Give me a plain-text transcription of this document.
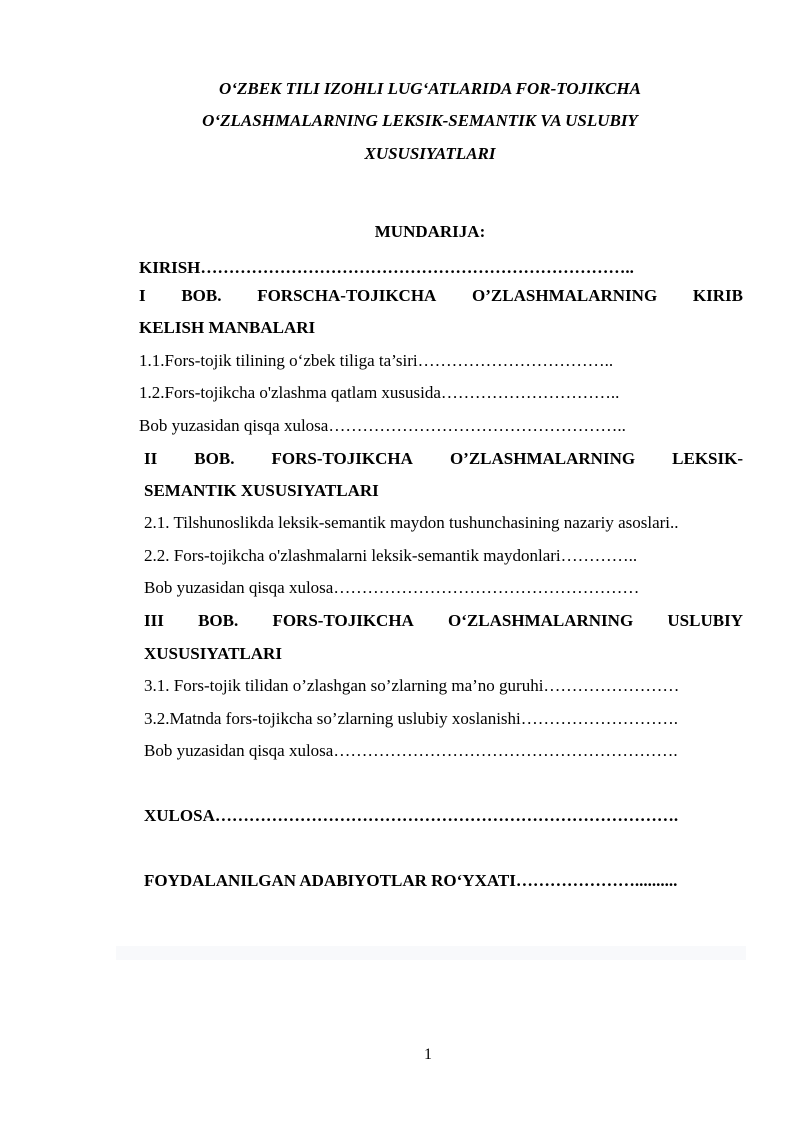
O‘ZBEK TILI IZOHLI LUG‘ATLARIDA FOR-TOJIKCHA
O‘ZLASHMALARNING LEKSIK-SEMANTIK VA USLUBIY
XUSUSIYATLARI
MUNDARIJA:
KIRISH…………………………………………………………………..
I BOB. FORSCHA-TOJIKCHA O’ZLASHMALARNING KIRIB
KELISH MANBALARI
1.1.Fors-tojik tilining o‘zbek tiliga ta’siri……………………………..
1.2.Fors-tojikcha o'zlashma qatlam xususida…………………………..
Bob yuzasidan qisqa xulosa……………………………………………..
II BOB. FORS-TOJIKCHA O’ZLASHMALARNING LEKSIK-
SEMANTIK XUSUSIYATLARI
2.1. Tilshunoslikda leksik-semantik maydon tushunchasining nazariy asoslari..
2.2. Fors-tojikcha o'zlashmalarni leksik-semantik maydonlari…………..
Bob yuzasidan qisqa xulosa………………………………………………
III BOB. FORS-TOJIKCHA O‘ZLASHMALARNING USLUBIY
XUSUSIYATLARI
3.1. Fors-tojik tilidan o’zlashgan so’zlarning ma’no guruhi……………………
3.2.Matnda fors-tojikcha so’zlarning uslubiy xoslanishi……………………….
Bob yuzasidan qisqa xulosa…………………………………………………….
XULOSA……………………………………………………………………….
FOYDALANILGAN ADABIYOTLAR RO‘YXATI…………………..........
1
